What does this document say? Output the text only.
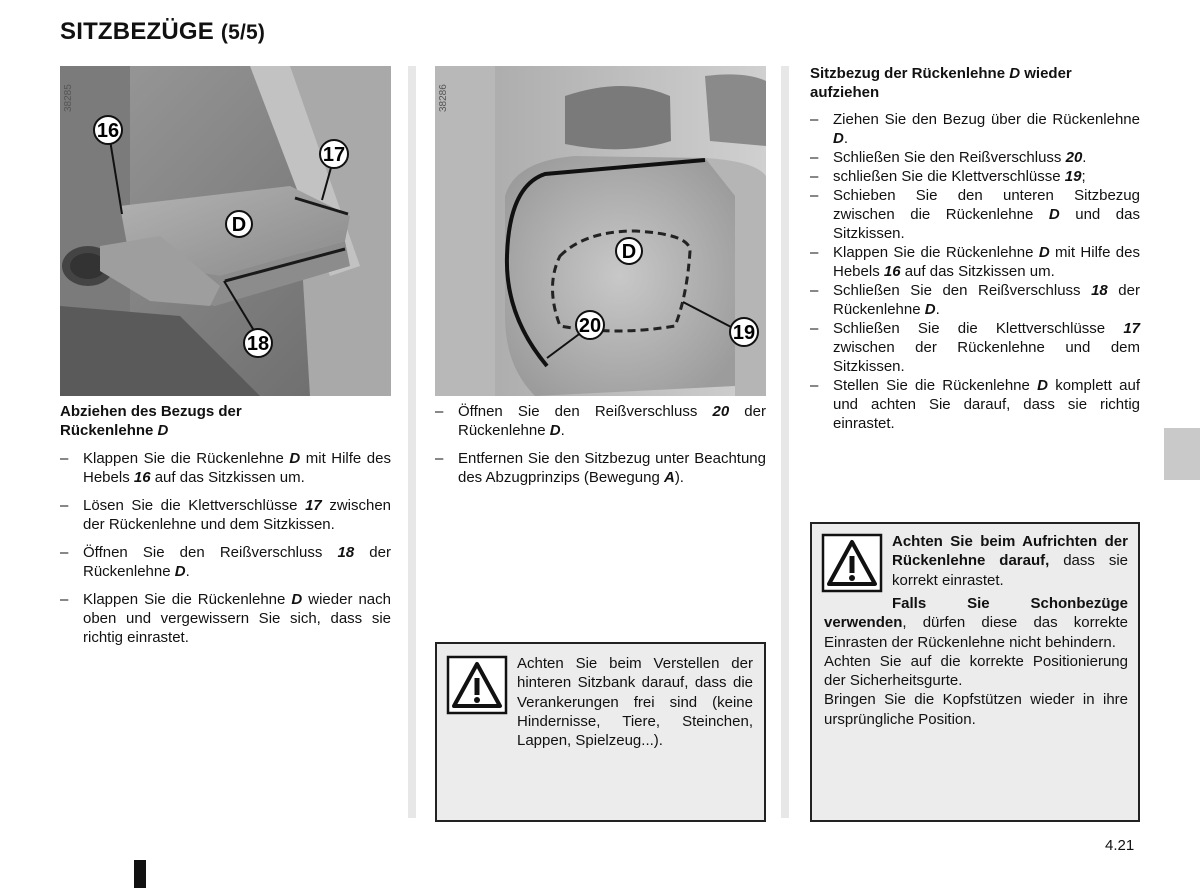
SITZBEZÜGE (5/5)
16
17
D
18
38285
D
20	19
38286
Abziehen des Bezugs der
Rückenlehne D
– Klappen Sie die Rückenlehne D mit Hilfe des Hebels 16 auf das Sitzkissen um.
– Lösen Sie die Klettverschlüsse 17 zwischen der Rückenlehne und dem Sitzkissen.
– Öffnen Sie den Reißverschluss 18 der Rückenlehne D.
– Klappen Sie die Rückenlehne D wieder nach oben und vergewissern Sie sich, dass sie richtig einrastet.
– Öffnen Sie den Reißverschluss 20 der Rückenlehne D.
– Entfernen Sie den Sitzbezug unter Beachtung des Abzugprinzips (Bewegung A).
Achten Sie beim Verstellen der hinteren Sitzbank darauf, dass die Verankerungen frei sind (keine Hindernisse, Tiere, Steinchen, Lappen, Spielzeug...).
Sitzbezug der Rückenlehne D wieder
aufziehen
– Ziehen Sie den Bezug über die Rückenlehne D.
– Schließen Sie den Reißverschluss 20.
– schließen Sie die Klettverschlüsse 19;
– Schieben Sie den unteren Sitzbezug zwischen die Rückenlehne D und das Sitzkissen.
– Klappen Sie die Rückenlehne D mit Hilfe des Hebels 16 auf das Sitzkissen um.
– Schließen Sie den Reißverschluss 18 der Rückenlehne D.
– Schließen Sie die Klettverschlüsse 17 zwischen der Rückenlehne und dem Sitzkissen.
– Stellen Sie die Rückenlehne D komplett auf und achten Sie darauf, dass sie richtig einrastet.
Achten Sie beim Aufrichten der Rückenlehne darauf, dass sie korrekt einrastet.
Falls Sie Schonbezüge verwenden, dürfen diese das korrekte Einrasten der Rückenlehne nicht behindern.
Achten Sie auf die korrekte Positionierung der Sicherheitsgurte.
Bringen Sie die Kopfstützen wieder in ihre ursprüngliche Position.
4.21
